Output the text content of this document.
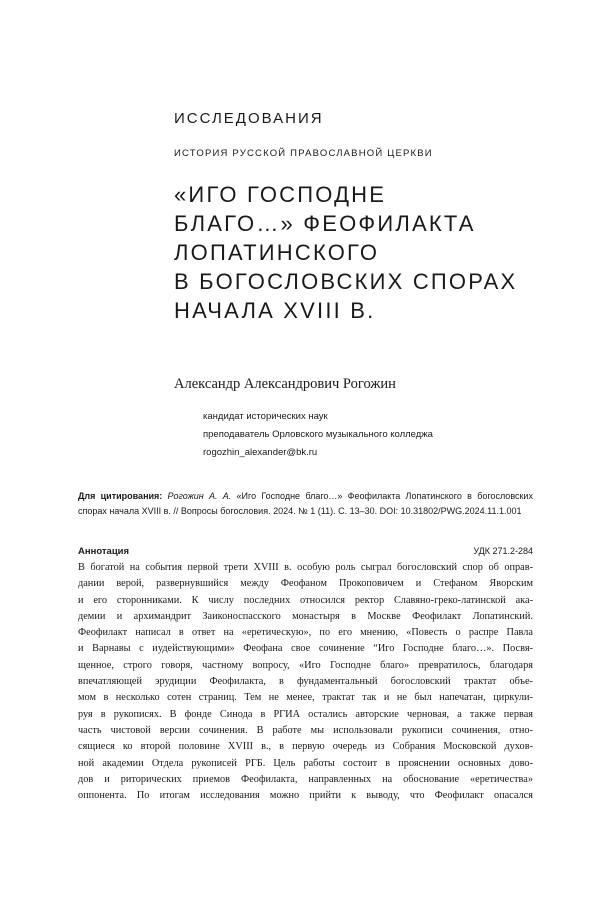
ИССЛЕДОВАНИЯ
ИСТОРИЯ РУССКОЙ ПРАВОСЛАВНОЙ ЦЕРКВИ
«ИГО ГОСПОДНЕ
БЛАГО…» ФЕОФИЛАКТА
ЛОПАТИНСКОГО
В БОГОСЛОВСКИХ СПОРАХ
НАЧАЛА XVIII В.
Александр Александрович Рогожин
кандидат исторических наук
преподаватель Орловского музыкального колледжа
rogozhin_alexander@bk.ru
Для цитирования: Рогожин А. А. «Иго Господне благо…» Феофилакта Лопатинского в богословских спорах начала XVIII в. // Вопросы богословия. 2024. № 1 (11). С. 13–30. DOI: 10.31802/PWG.2024.11.1.001
Аннотация	УДК 271.2-284
В богатой на события первой трети XVIII в. особую роль сыграл богословский спор об оправ-
дании верой, развернувшийся между Феофаном Прокоповичем и Стефаном Яворским
и его сторонниками. К числу последних относился ректор Славяно-греко-латинской ака-
демии и архимандрит Заиконоспасского монастыря в Москве Феофилакт Лопатинский.
Феофилакт написал в ответ на «еретическую», по его мнению, «Повесть о распре Павла
и Варнавы с иудействующими» Феофана свое сочинение “Иго Господне благо…». Посвя-
щенное, строго говоря, частному вопросу, «Иго Господне благо» превратилось, благодаря
впечатляющей эрудиции Феофилакта, в фундаментальный богословский трактат объе-
мом в несколько сотен страниц. Тем не менее, трактат так и не был напечатан, циркули-
руя в рукописях. В фонде Синода в РГИА остались авторские черновая, а также первая
часть чистовой версии сочинения. В работе мы использовали рукописи сочинения, отно-
сящиеся ко второй половине XVIII в., в первую очередь из Собрания Московской духов-
ной академии Отдела рукописей РГБ. Цель работы состоит в прояснении основных дово-
дов и риторических приемов Феофилакта, направленных на обоснование «еретичества»
оппонента. По итогам исследования можно прийти к выводу, что Феофилакт опасался
